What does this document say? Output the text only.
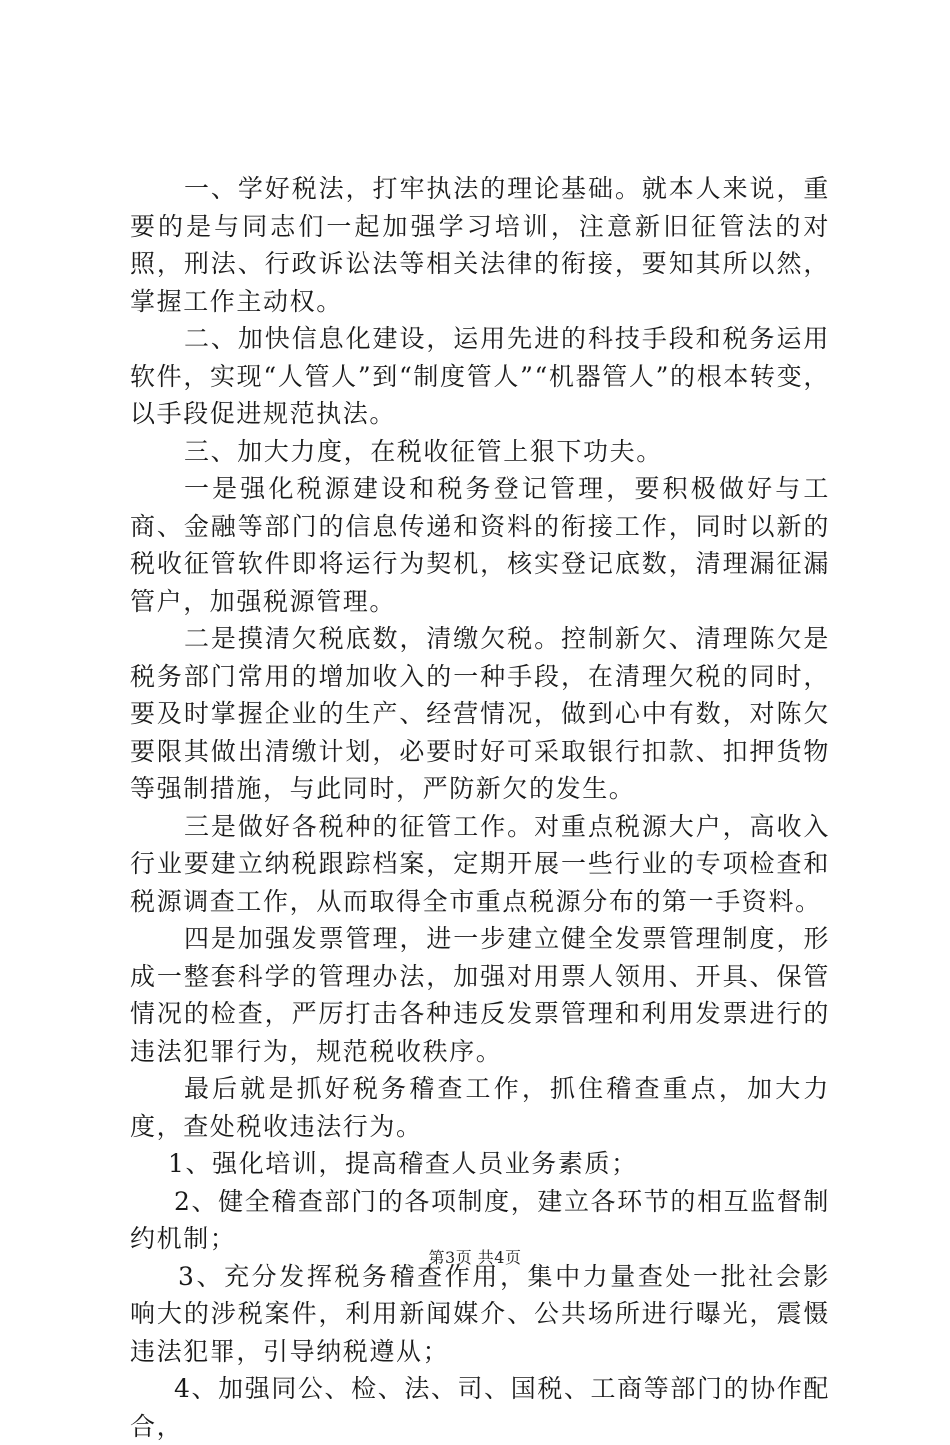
一、学好税法，打牢执法的理论基础。就本人来说，重要的是与同志们一起加强学习培训，注意新旧征管法的对照，刑法、行政诉讼法等相关法律的衔接，要知其所以然，掌握工作主动权。

二、加快信息化建设，运用先进的科技手段和税务运用软件，实现“人管人”到“制度管人”“机器管人”的根本转变，以手段促进规范执法。

三、加大力度，在税收征管上狠下功夫。

一是强化税源建设和税务登记管理，要积极做好与工商、金融等部门的信息传递和资料的衔接工作，同时以新的税收征管软件即将运行为契机，核实登记底数，清理漏征漏管户，加强税源管理。

二是摸清欠税底数，清缴欠税。控制新欠、清理陈欠是税务部门常用的增加收入的一种手段，在清理欠税的同时，要及时掌握企业的生产、经营情况，做到心中有数，对陈欠要限其做出清缴计划，必要时好可采取银行扣款、扣押货物等强制措施，与此同时，严防新欠的发生。

三是做好各税种的征管工作。对重点税源大户，高收入行业要建立纳税跟踪档案，定期开展一些行业的专项检查和税源调查工作，从而取得全市重点税源分布的第一手资料。

四是加强发票管理，进一步建立健全发票管理制度，形成一整套科学的管理办法，加强对用票人领用、开具、保管情况的检查，严厉打击各种违反发票管理和利用发票进行的违法犯罪行为，规范税收秩序。

最后就是抓好税务稽查工作，抓住稽查重点，加大力度，查处税收违法行为。

1、强化培训，提高稽查人员业务素质；

2、健全稽查部门的各项制度，建立各环节的相互监督制约机制；

3、充分发挥税务稽查作用，集中力量查处一批社会影响大的涉税案件，利用新闻媒介、公共场所进行曝光，震慑违法犯罪，引导纳税遵从；

4、加强同公、检、法、司、国税、工商等部门的协作配合，

第3页 共4页
